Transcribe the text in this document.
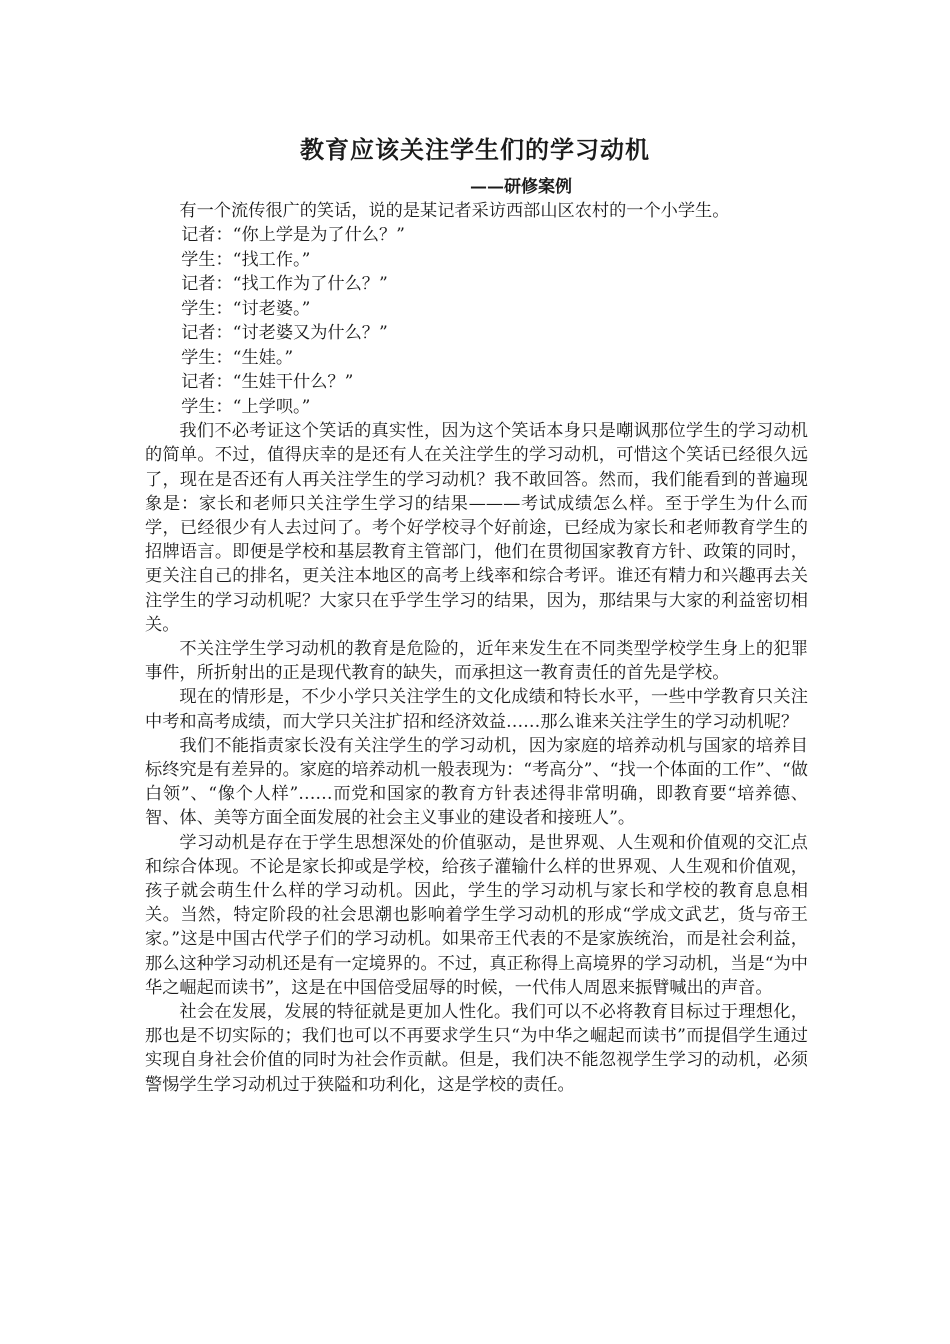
教育应该关注学生们的学习动机
——研修案例

有一个流传很广的笑话，说的是某记者采访西部山区农村的一个小学生。

记者：“你上学是为了什么？”
学生：“找工作。”
记者：“找工作为了什么？”
学生：“讨老婆。”
记者：“讨老婆又为什么？”
学生：“生娃。”
记者：“生娃干什么？”
学生：“上学呗。”

我们不必考证这个笑话的真实性，因为这个笑话本身只是嘲讽那位学生的学习动机的简单。不过，值得庆幸的是还有人在关注学生的学习动机，可惜这个笑话已经很久远了，现在是否还有人再关注学生的学习动机？我不敢回答。然而，我们能看到的普遍现象是：家长和老师只关注学生学习的结果———考试成绩怎么样。至于学生为什么而学，已经很少有人去过问了。考个好学校寻个好前途，已经成为家长和老师教育学生的招牌语言。即便是学校和基层教育主管部门，他们在贯彻国家教育方针、政策的同时，更关注自己的排名，更关注本地区的高考上线率和综合考评。谁还有精力和兴趣再去关注学生的学习动机呢？大家只在乎学生学习的结果，因为，那结果与大家的利益密切相关。

不关注学生学习动机的教育是危险的，近年来发生在不同类型学校学生身上的犯罪事件，所折射出的正是现代教育的缺失，而承担这一教育责任的首先是学校。

现在的情形是，不少小学只关注学生的文化成绩和特长水平，一些中学教育只关注中考和高考成绩，而大学只关注扩招和经济效益……那么谁来关注学生的学习动机呢？

我们不能指责家长没有关注学生的学习动机，因为家庭的培养动机与国家的培养目标终究是有差异的。家庭的培养动机一般表现为：“考高分”、“找一个体面的工作”、“做白领”、“像个人样”……而党和国家的教育方针表述得非常明确，即教育要“培养德、智、体、美等方面全面发展的社会主义事业的建设者和接班人”。

学习动机是存在于学生思想深处的价值驱动，是世界观、人生观和价值观的交汇点和综合体现。不论是家长抑或是学校，给孩子灌输什么样的世界观、人生观和价值观，孩子就会萌生什么样的学习动机。因此，学生的学习动机与家长和学校的教育息息相关。当然，特定阶段的社会思潮也影响着学生学习动机的形成“学成文武艺，货与帝王家。”这是中国古代学子们的学习动机。如果帝王代表的不是家族统治，而是社会利益，那么这种学习动机还是有一定境界的。不过，真正称得上高境界的学习动机，当是“为中华之崛起而读书”，这是在中国倍受屈辱的时候，一代伟人周恩来振臂喊出的声音。

社会在发展，发展的特征就是更加人性化。我们可以不必将教育目标过于理想化，那也是不切实际的；我们也可以不再要求学生只“为中华之崛起而读书”而提倡学生通过实现自身社会价值的同时为社会作贡献。但是，我们决不能忽视学生学习的动机，必须警惕学生学习动机过于狭隘和功利化，这是学校的责任。
